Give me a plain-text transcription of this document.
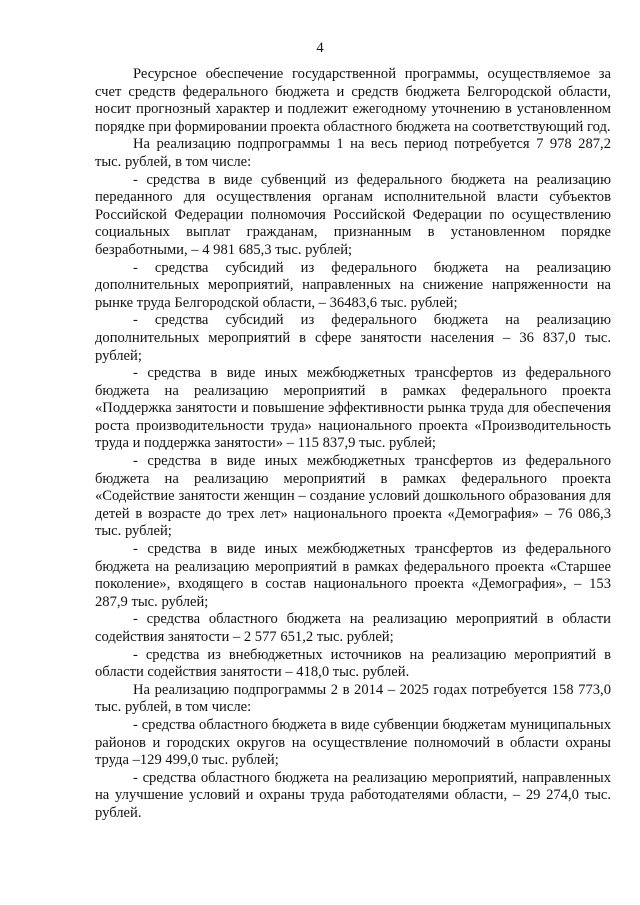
4

Ресурсное обеспечение государственной программы, осуществляемое за счет средств федерального бюджета и средств бюджета Белгородской области, носит прогнозный характер и подлежит ежегодному уточнению в установленном порядке при формировании проекта областного бюджета на соответствующий год.

На реализацию подпрограммы 1 на весь период потребуется 7 978 287,2 тыс. рублей, в том числе:

- средства в виде субвенций из федерального бюджета на реализацию переданного для осуществления органам исполнительной власти субъектов Российской Федерации полномочия Российской Федерации по осуществлению социальных выплат гражданам, признанным в установленном порядке безработными, – 4 981 685,3 тыс. рублей;

- средства субсидий из федерального бюджета на реализацию дополнительных мероприятий, направленных на снижение напряженности на рынке труда Белгородской области, – 36483,6 тыс. рублей;

- средства субсидий из федерального бюджета на реализацию дополнительных мероприятий в сфере занятости населения – 36 837,0 тыс. рублей;

- средства в виде иных межбюджетных трансфертов из федерального бюджета на реализацию мероприятий в рамках федерального проекта «Поддержка занятости и повышение эффективности рынка труда для обеспечения роста производительности труда» национального проекта «Производительность труда и поддержка занятости» – 115 837,9 тыс. рублей;

- средства в виде иных межбюджетных трансфертов из федерального бюджета на реализацию мероприятий в рамках федерального проекта «Содействие занятости женщин – создание условий дошкольного образования для детей в возрасте до трех лет» национального проекта «Демография» – 76 086,3 тыс. рублей;

- средства в виде иных межбюджетных трансфертов из федерального бюджета на реализацию мероприятий в рамках федерального проекта «Старшее поколение», входящего в состав национального проекта «Демография», – 153 287,9 тыс. рублей;

- средства областного бюджета на реализацию мероприятий в области содействия занятости – 2 577 651,2 тыс. рублей;

- средства из внебюджетных источников на реализацию мероприятий в области содействия занятости – 418,0 тыс. рублей.

На реализацию подпрограммы 2 в 2014 – 2025 годах потребуется 158 773,0 тыс. рублей, в том числе:

- средства областного бюджета в виде субвенции бюджетам муниципальных районов и городских округов на осуществление полномочий в области охраны труда –129 499,0 тыс. рублей;

- средства областного бюджета на реализацию мероприятий, направленных на улучшение условий и охраны труда работодателями области, – 29 274,0 тыс. рублей.
